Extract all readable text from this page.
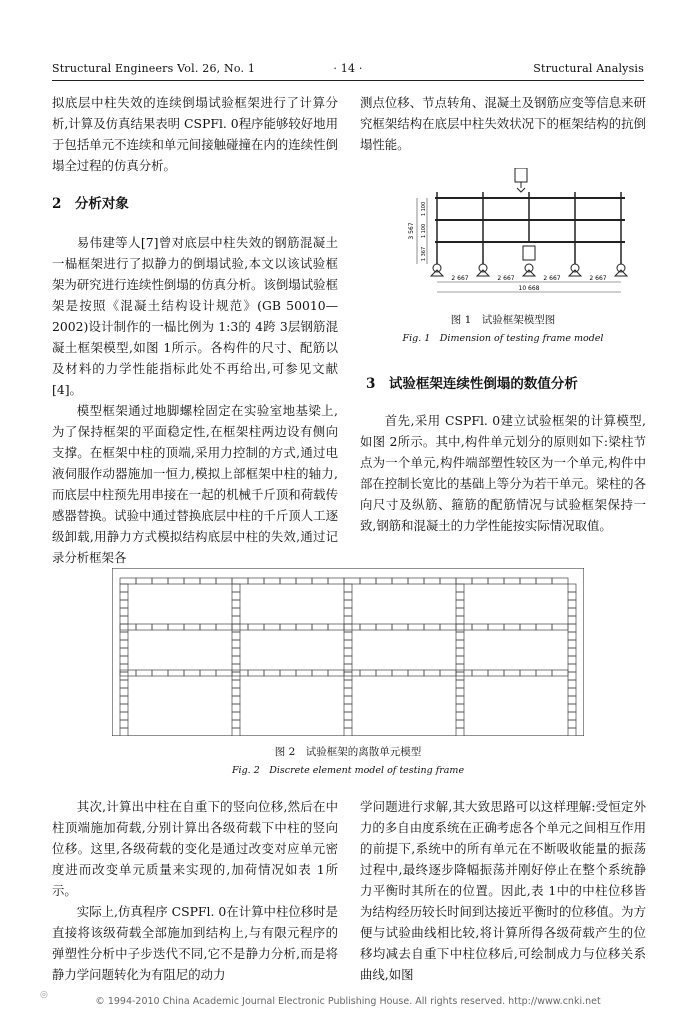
Structural Engineers Vol. 26, No. 1	· 14 ·	Structural Analysis

拟底层中柱失效的连续倒塌试验框架进行了计算分析,计算及仿真结果表明 CSPFl. 0程序能够较好地用于包括单元不连续和单元间接触碰撞在内的连续性倒塌全过程的仿真分析。

2　分析对象

易伟建等人[7]曾对底层中柱失效的钢筋混凝土一榀框架进行了拟静力的倒塌试验,本文以该试验框架为研究进行连续性倒塌的仿真分析。该倒塌试验框架是按照《混凝土结构设计规范》(GB 50010—2002)设计制作的一榀比例为 1:3的 4跨 3层钢筋混凝土框架模型,如图 1所示。各构件的尺寸、配筋以及材料的力学性能指标此处不再给出,可参见文献[4]。

模型框架通过地脚螺栓固定在实验室地基梁上,为了保持框架的平面稳定性,在框架柱两边设有侧向支撑。在框架中柱的顶端,采用力控制的方式,通过电液伺服作动器施加一恒力,模拟上部框架中柱的轴力,而底层中柱预先用串接在一起的机械千斤顶和荷载传感器替换。试验中通过替换底层中柱的千斤顶人工逐级卸载,用静力方式模拟结构底层中柱的失效,通过记录分析框架各

测点位移、节点转角、混凝土及钢筋应变等信息来研究框架结构在底层中柱失效状况下的框架结构的抗倒塌性能。

2 667	2 667	2 667	2 667
10 668
3 567
1 100
1 100
1 367
图 1　试验框架模型图
Fig. 1　Dimension of testing frame model
3　试验框架连续性倒塌的数值分析

首先,采用 CSPFl. 0建立试验框架的计算模型,如图 2所示。其中,构件单元划分的原则如下:梁柱节点为一个单元,构件端部塑性较区为一个单元,构件中部在控制长宽比的基础上等分为若干单元。梁柱的各向尺寸及纵筋、箍筋的配筋情况与试验框架保持一致,钢筋和混凝土的力学性能按实际情况取值。

图 2　试验框架的离散单元模型
Fig. 2　Discrete element model of testing frame

其次,计算出中柱在自重下的竖向位移,然后在中柱顶端施加荷载,分别计算出各级荷载下中柱的竖向位移。这里,各级荷载的变化是通过改变对应单元密度进而改变单元质量来实现的,加荷情况如表 1所示。

实际上,仿真程序 CSPFl. 0在计算中柱位移时是直接将该级荷载全部施加到结构上,与有限元程序的弹塑性分析中子步迭代不同,它不是静力分析,而是将静力学问题转化为有阻尼的动力

学问题进行求解,其大致思路可以这样理解:受恒定外力的多自由度系统在正确考虑各个单元之间相互作用的前提下,系统中的所有单元在不断吸收能量的振荡过程中,最终逐步降幅振荡并刚好停止在整个系统静力平衡时其所在的位置。因此,表 1中的中柱位移皆为结构经历较长时间到达接近平衡时的位移值。为方便与试验曲线相比较,将计算所得各级荷载产生的位移均减去自重下中柱位移后,可绘制成力与位移关系曲线,如图

◎
© 1994-2010 China Academic Journal Electronic Publishing House. All rights reserved. http://www.cnki.net
